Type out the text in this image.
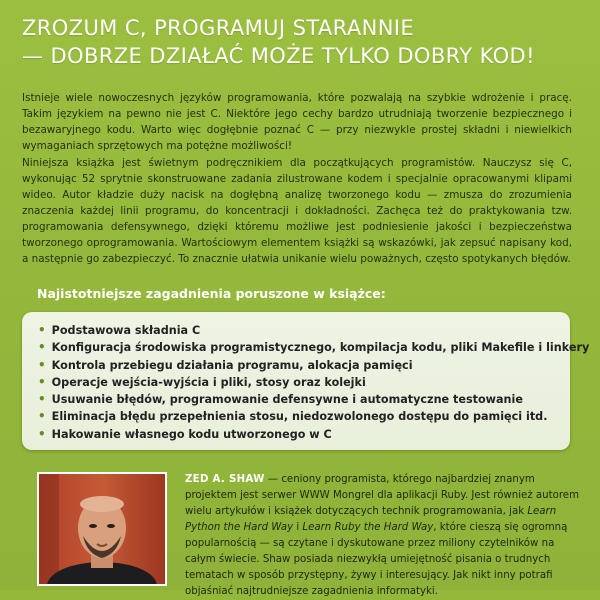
ZROZUM C, PROGRAMUJ STARANNIE
— DOBRZE DZIAŁAĆ MOŻE TYLKO DOBRY KOD!
Istnieje wiele nowoczesnych języków programowania, które pozwalają na szybkie wdrożenie i pracę. Takim językiem na pewno nie jest C. Niektóre jego cechy bardzo utrudniają tworzenie bezpiecznego i bezawaryjnego kodu. Warto więc dogłębnie poznać C — przy niezwykle prostej składni i niewielkich wymaganiach sprzętowych ma potężne możliwości!
Niniejsza książka jest świetnym podręcznikiem dla początkujących programistów. Nauczysz się C, wykonując 52 sprytnie skonstruowane zadania zilustrowane kodem i specjalnie opracowanymi klipami wideo. Autor kładzie duży nacisk na dogłębną analizę tworzonego kodu — zmusza do zrozumienia znaczenia każdej linii programu, do koncentracji i dokładności. Zachęca też do praktykowania tzw. programowania defensywnego, dzięki któremu możliwe jest podniesienie jakości i bezpieczeństwa tworzonego oprogramowania. Wartościowym elementem książki są wskazówki, jak zepsuć napisany kod, a następnie go zabezpieczyć. To znacznie ułatwia unikanie wielu poważnych, często spotykanych błędów.
Najistotniejsze zagadnienia poruszone w książce:
• Podstawowa składnia C
• Konfiguracja środowiska programistycznego, kompilacja kodu, pliki Makefile i linkery
• Kontrola przebiegu działania programu, alokacja pamięci
• Operacje wejścia-wyjścia i pliki, stosy oraz kolejki
• Usuwanie błędów, programowanie defensywne i automatyczne testowanie
• Eliminacja błędu przepełnienia stosu, niedozwolonego dostępu do pamięci itd.
• Hakowanie własnego kodu utworzonego w C
ZED A. SHAW — ceniony programista, którego najbardziej znanym projektem jest serwer WWW Mongrel dla aplikacji Ruby. Jest również autorem wielu artykułów i książek dotyczących technik programowania, jak Learn Python the Hard Way i Learn Ruby the Hard Way, które cieszą się ogromną popularnością — są czytane i dyskutowane przez miliony czytelników na całym świecie. Shaw posiada niezwykłą umiejętność pisania o trudnych tematach w sposób przystępny, żywy i interesujący. Jak nikt inny potrafi objaśniać najtrudniejsze zagadnienia informatyki.
